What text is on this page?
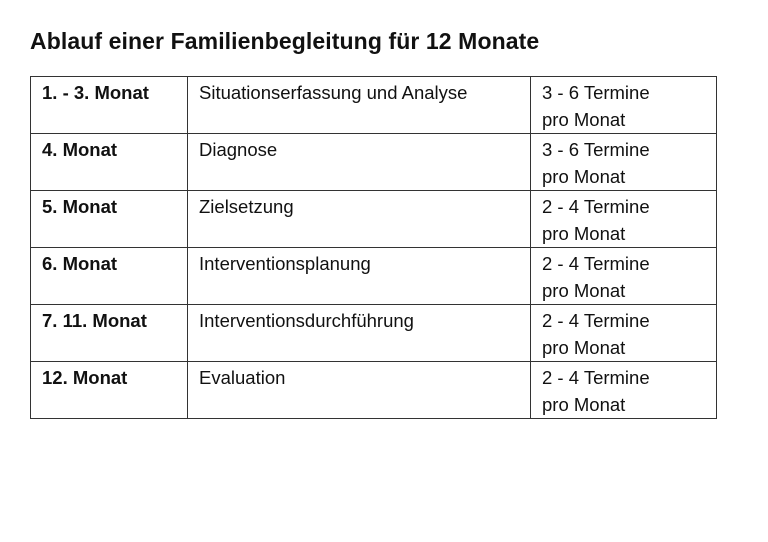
Ablauf einer Familienbegleitung für 12 Monate
1. - 3. Monat	Situationserfassung und Analyse	3 - 6 Termine
pro Monat

4. Monat	Diagnose	3 - 6 Termine
pro Monat

5. Monat	Zielsetzung	2 - 4 Termine
pro Monat

6. Monat	Interventionsplanung	2 - 4 Termine
pro Monat

7. 11. Monat	Interventionsdurchführung	2 - 4 Termine
pro Monat

12. Monat	Evaluation	2 - 4 Termine
pro Monat
